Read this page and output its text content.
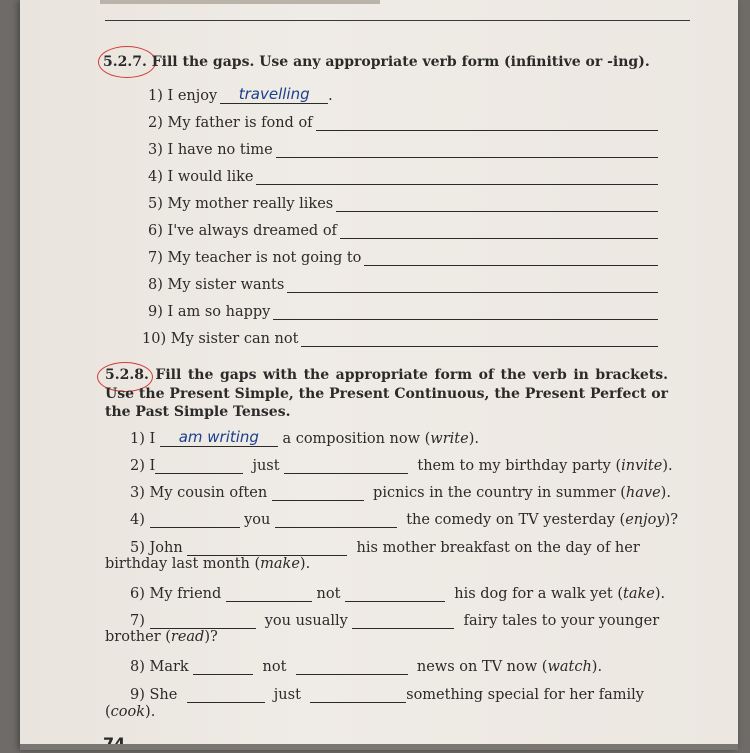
5.2.7. Fill the gaps. Use any appropriate verb form (infinitive or -ing).
1) I enjoy	travelling	.
2) My father is fond of
3) I have no time
4) I would like
5) My mother really likes
6) I've always dreamed of
7) My teacher is not going to
8) My sister wants
9) I am so happy
10) My sister can not
5.2.8. Fill the gaps with the appropriate form of the verb in brackets. Use the Present Simple, the Present Continuous, the Present Perfect or the Past Simple Tenses.
1) I
	am writing
	a composition now ( write ).
2) I
	just

	them to my birthday party ( invite ).
3) My cousin often

	picnics in the country in summer ( have ).
4)

	you

	the comedy on TV yesterday ( enjoy )?
5) John

	his mother breakfast on the day of her
birthday last month (make).
6) My friend

	not

	his dog for a walk yet ( take ).
7)

	you usually

	fairy tales to your younger
brother (read)?
8) Mark

	not

	news on TV now ( watch ).
9) She

	just
	something special for her family
(cook).
